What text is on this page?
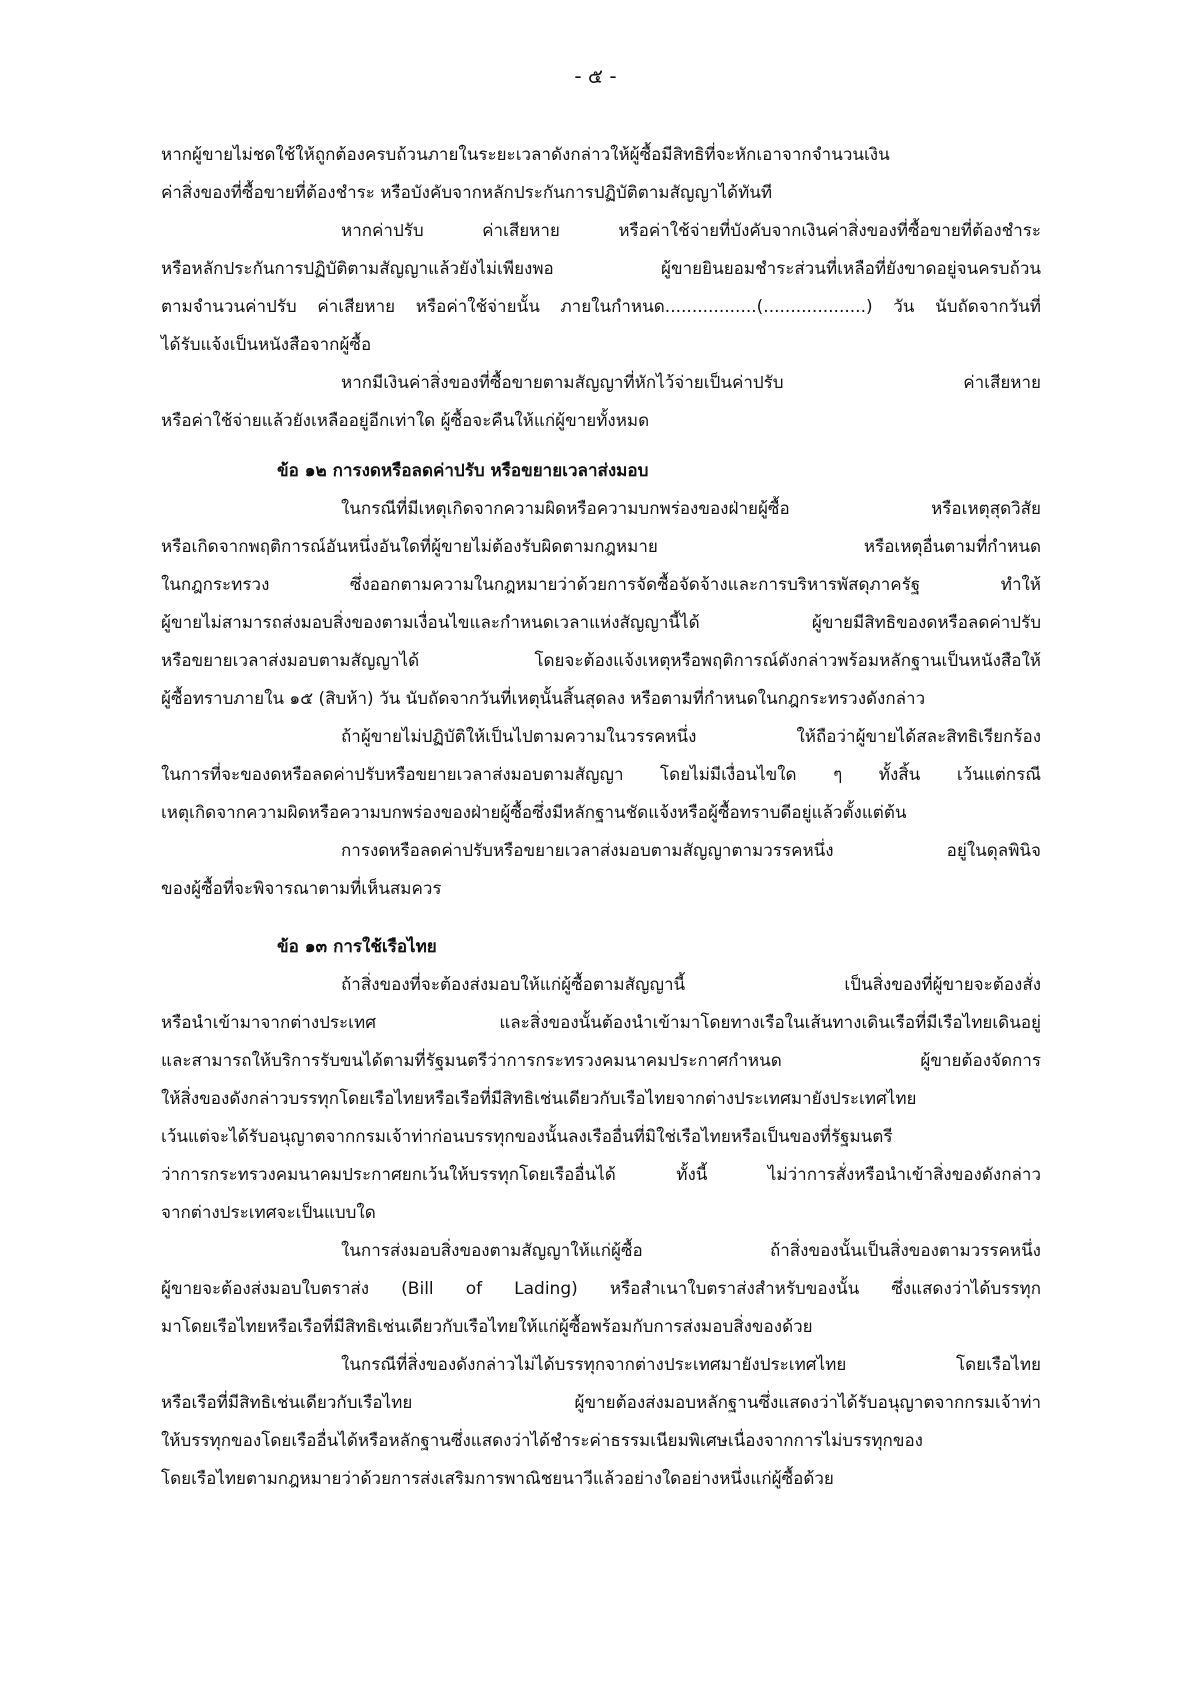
- ๕ -
หากผู้ขายไม่ชดใช้ให้ถูกต้องครบถ้วนภายในระยะเวลาดังกล่าวให้ผู้ซื้อมีสิทธิที่จะหักเอาจากจำนวนเงิน
ค่าสิ่งของที่ซื้อขายที่ต้องชำระ หรือบังคับจากหลักประกันการปฏิบัติตามสัญญาได้ทันที
หากค่าปรับ ค่าเสียหาย หรือค่าใช้จ่ายที่บังคับจากเงินค่าสิ่งของที่ซื้อขายที่ต้องชำระ
หรือหลักประกันการปฏิบัติตามสัญญาแล้วยังไม่เพียงพอ ผู้ขายยินยอมชำระส่วนที่เหลือที่ยังขาดอยู่จนครบถ้วน
ตามจำนวนค่าปรับ ค่าเสียหาย หรือค่าใช้จ่ายนั้น ภายในกำหนด.................(...................) วัน นับถัดจากวันที่
ได้รับแจ้งเป็นหนังสือจากผู้ซื้อ
หากมีเงินค่าสิ่งของที่ซื้อขายตามสัญญาที่หักไว้จ่ายเป็นค่าปรับ ค่าเสียหาย
หรือค่าใช้จ่ายแล้วยังเหลืออยู่อีกเท่าใด ผู้ซื้อจะคืนให้แก่ผู้ขายทั้งหมด
ข้อ ๑๒ การงดหรือลดค่าปรับ หรือขยายเวลาส่งมอบ
ในกรณีที่มีเหตุเกิดจากความผิดหรือความบกพร่องของฝ่ายผู้ซื้อ หรือเหตุสุดวิสัย
หรือเกิดจากพฤติการณ์อันหนึ่งอันใดที่ผู้ขายไม่ต้องรับผิดตามกฎหมาย หรือเหตุอื่นตามที่กำหนด
ในกฎกระทรวง ซึ่งออกตามความในกฎหมายว่าด้วยการจัดซื้อจัดจ้างและการบริหารพัสดุภาครัฐ ทำให้
ผู้ขายไม่สามารถส่งมอบสิ่งของตามเงื่อนไขและกำหนดเวลาแห่งสัญญานี้ได้ ผู้ขายมีสิทธิของดหรือลดค่าปรับ
หรือขยายเวลาส่งมอบตามสัญญาได้ โดยจะต้องแจ้งเหตุหรือพฤติการณ์ดังกล่าวพร้อมหลักฐานเป็นหนังสือให้
ผู้ซื้อทราบภายใน ๑๕ (สิบห้า) วัน นับถัดจากวันที่เหตุนั้นสิ้นสุดลง หรือตามที่กำหนดในกฎกระทรวงดังกล่าว
ถ้าผู้ขายไม่ปฏิบัติให้เป็นไปตามความในวรรคหนึ่ง ให้ถือว่าผู้ขายได้สละสิทธิเรียกร้อง
ในการที่จะของดหรือลดค่าปรับหรือขยายเวลาส่งมอบตามสัญญา โดยไม่มีเงื่อนไขใด ๆ ทั้งสิ้น เว้นแต่กรณี
เหตุเกิดจากความผิดหรือความบกพร่องของฝ่ายผู้ซื้อซึ่งมีหลักฐานชัดแจ้งหรือผู้ซื้อทราบดีอยู่แล้วตั้งแต่ต้น
การงดหรือลดค่าปรับหรือขยายเวลาส่งมอบตามสัญญาตามวรรคหนึ่ง อยู่ในดุลพินิจ
ของผู้ซื้อที่จะพิจารณาตามที่เห็นสมควร
ข้อ ๑๓ การใช้เรือไทย
ถ้าสิ่งของที่จะต้องส่งมอบให้แก่ผู้ซื้อตามสัญญานี้ เป็นสิ่งของที่ผู้ขายจะต้องสั่ง
หรือนำเข้ามาจากต่างประเทศ และสิ่งของนั้นต้องนำเข้ามาโดยทางเรือในเส้นทางเดินเรือที่มีเรือไทยเดินอยู่
และสามารถให้บริการรับขนได้ตามที่รัฐมนตรีว่าการกระทรวงคมนาคมประกาศกำหนด ผู้ขายต้องจัดการ
ให้สิ่งของดังกล่าวบรรทุกโดยเรือไทยหรือเรือที่มีสิทธิเช่นเดียวกับเรือไทยจากต่างประเทศมายังประเทศไทย
เว้นแต่จะได้รับอนุญาตจากกรมเจ้าท่าก่อนบรรทุกของนั้นลงเรืออื่นที่มิใช่เรือไทยหรือเป็นของที่รัฐมนตรี
ว่าการกระทรวงคมนาคมประกาศยกเว้นให้บรรทุกโดยเรืออื่นได้ ทั้งนี้ ไม่ว่าการสั่งหรือนำเข้าสิ่งของดังกล่าว
จากต่างประเทศจะเป็นแบบใด
ในการส่งมอบสิ่งของตามสัญญาให้แก่ผู้ซื้อ ถ้าสิ่งของนั้นเป็นสิ่งของตามวรรคหนึ่ง
ผู้ขายจะต้องส่งมอบใบตราส่ง (Bill of Lading) หรือสำเนาใบตราส่งสำหรับของนั้น ซึ่งแสดงว่าได้บรรทุก
มาโดยเรือไทยหรือเรือที่มีสิทธิเช่นเดียวกับเรือไทยให้แก่ผู้ซื้อพร้อมกับการส่งมอบสิ่งของด้วย
ในกรณีที่สิ่งของดังกล่าวไม่ได้บรรทุกจากต่างประเทศมายังประเทศไทย โดยเรือไทย
หรือเรือที่มีสิทธิเช่นเดียวกับเรือไทย ผู้ขายต้องส่งมอบหลักฐานซึ่งแสดงว่าได้รับอนุญาตจากกรมเจ้าท่า
ให้บรรทุกของโดยเรืออื่นได้หรือหลักฐานซึ่งแสดงว่าได้ชำระค่าธรรมเนียมพิเศษเนื่องจากการไม่บรรทุกของ
โดยเรือไทยตามกฎหมายว่าด้วยการส่งเสริมการพาณิชยนาวีแล้วอย่างใดอย่างหนึ่งแก่ผู้ซื้อด้วย
